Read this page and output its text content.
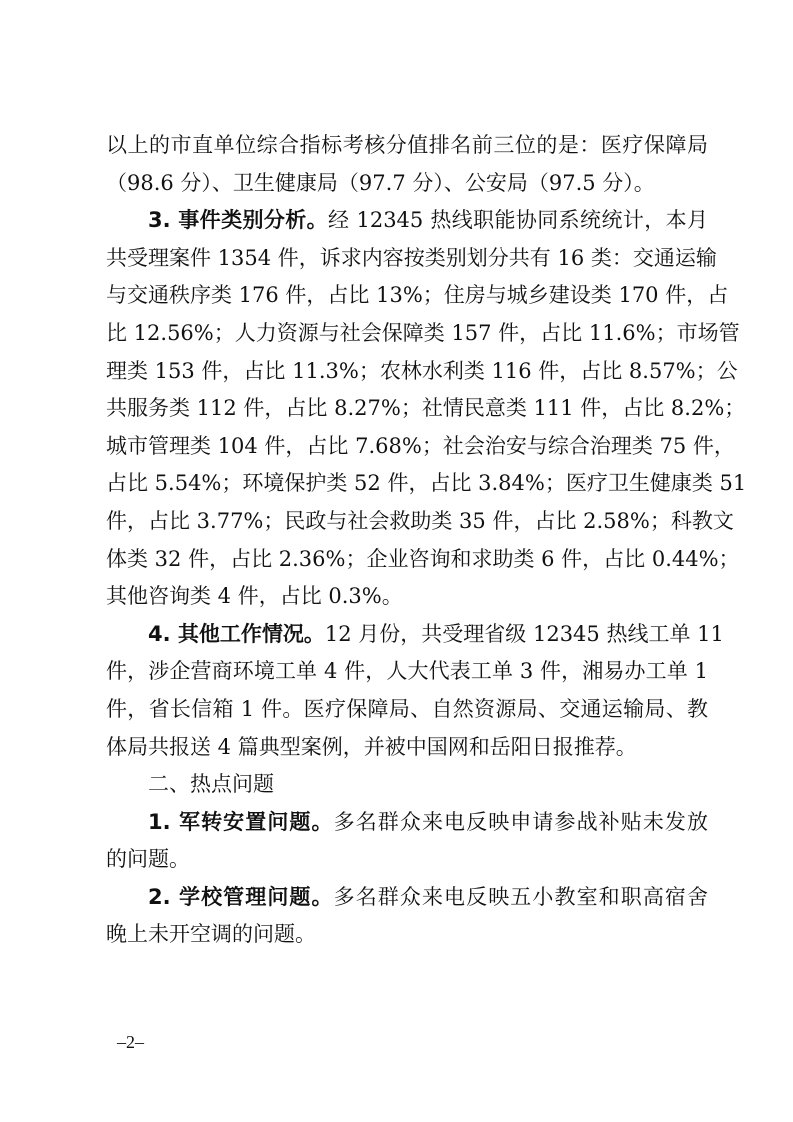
以上的市直单位综合指标考核分值排名前三位的是：医疗保障局
（98.6 分）、卫生健康局（97.7 分）、公安局（97.5 分）。
3. 事件类别分析。经 12345 热线职能协同系统统计，本月
共受理案件 1354 件，诉求内容按类别划分共有 16 类：交通运输
与交通秩序类 176 件，占比 13%；住房与城乡建设类 170 件，占
比 12.56%；人力资源与社会保障类 157 件，占比 11.6%；市场管
理类 153 件，占比 11.3%；农林水利类 116 件，占比 8.57%；公
共服务类 112 件，占比 8.27%；社情民意类 111 件，占比 8.2%；
城市管理类 104 件，占比 7.68%；社会治安与综合治理类 75 件，
占比 5.54%；环境保护类 52 件，占比 3.84%；医疗卫生健康类 51
件，占比 3.77%；民政与社会救助类 35 件，占比 2.58%；科教文
体类 32 件，占比 2.36%；企业咨询和求助类 6 件，占比 0.44%；
其他咨询类 4 件，占比 0.3%。
4. 其他工作情况。12 月份，共受理省级 12345 热线工单 11
件，涉企营商环境工单 4 件，人大代表工单 3 件，湘易办工单 1
件，省长信箱 1 件。医疗保障局、自然资源局、交通运输局、教
体局共报送 4 篇典型案例，并被中国网和岳阳日报推荐。
二、热点问题
1. 军转安置问题。多名群众来电反映申请参战补贴未发放
的问题。
2. 学校管理问题。多名群众来电反映五小教室和职高宿舍
晚上未开空调的问题。
–2–
